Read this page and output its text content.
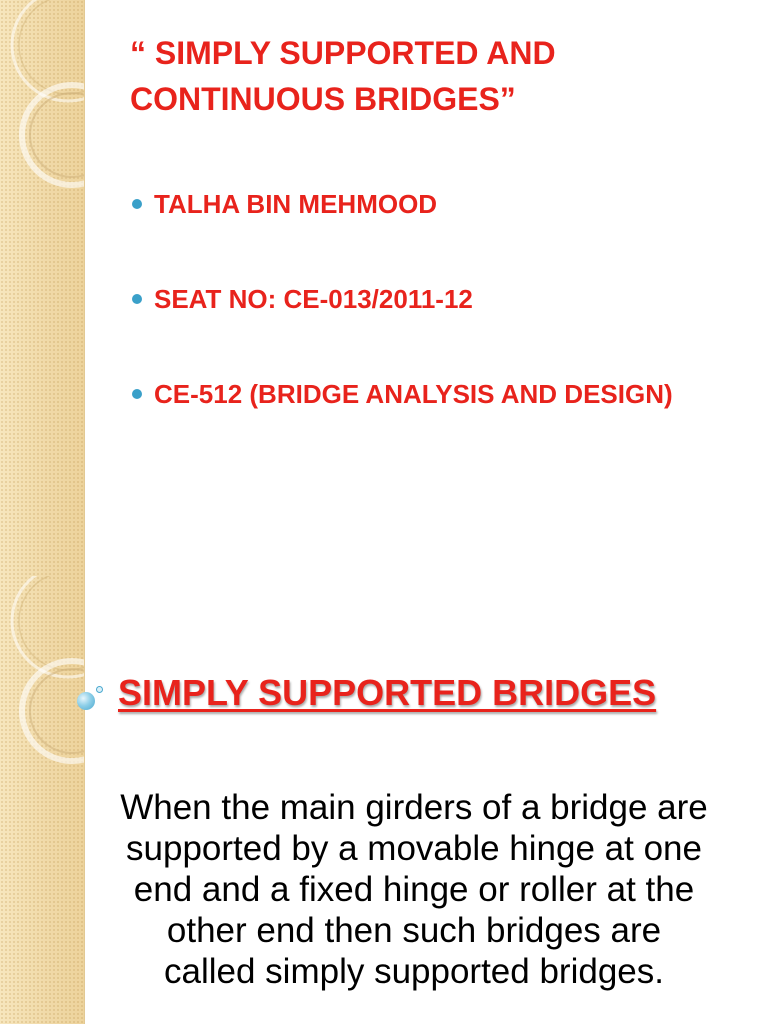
“ SIMPLY SUPPORTED AND CONTINUOUS BRIDGES”
TALHA BIN MEHMOOD
SEAT NO: CE-013/2011-12
CE-512 (BRIDGE ANALYSIS AND DESIGN)
SIMPLY SUPPORTED BRIDGES

When the main girders of a bridge are supported by a movable hinge at one end and a fixed hinge or roller at the other end then such bridges are called simply supported bridges.
